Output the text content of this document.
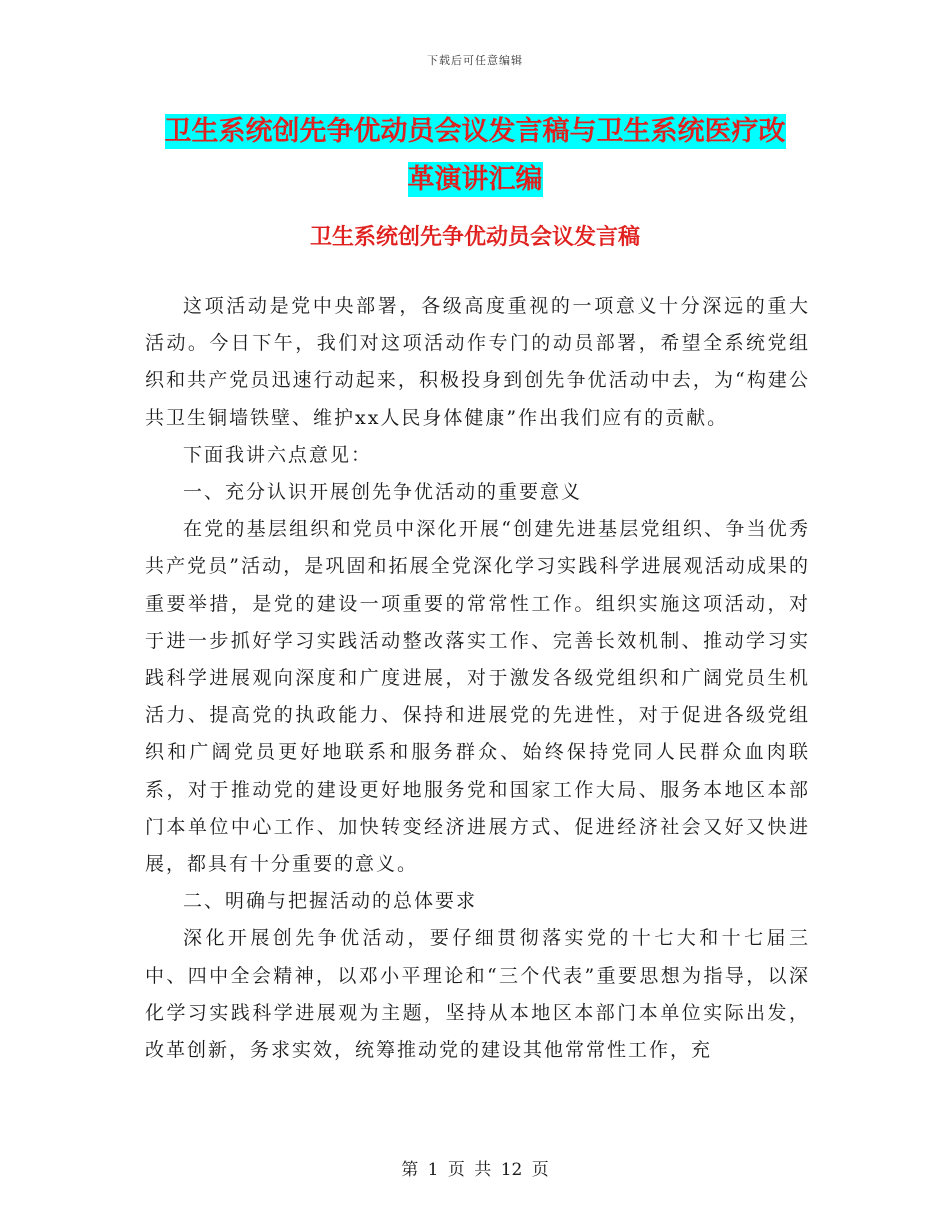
下载后可任意编辑
卫生系统创先争优动员会议发言稿与卫生系统医疗改
革演讲汇编
卫生系统创先争优动员会议发言稿

这项活动是党中央部署，各级高度重视的一项意义十分深远的重大活动。今日下午，我们对这项活动作专门的动员部署，希望全系统党组织和共产党员迅速行动起来，积极投身到创先争优活动中去，为“构建公共卫生铜墙铁壁、维护xx人民身体健康”作出我们应有的贡献。

下面我讲六点意见：

一、充分认识开展创先争优活动的重要意义

在党的基层组织和党员中深化开展“创建先进基层党组织、争当优秀共产党员”活动，是巩固和拓展全党深化学习实践科学进展观活动成果的重要举措，是党的建设一项重要的常常性工作。组织实施这项活动，对于进一步抓好学习实践活动整改落实工作、完善长效机制、推动学习实践科学进展观向深度和广度进展，对于激发各级党组织和广阔党员生机活力、提高党的执政能力、保持和进展党的先进性，对于促进各级党组织和广阔党员更好地联系和服务群众、始终保持党同人民群众血肉联系，对于推动党的建设更好地服务党和国家工作大局、服务本地区本部门本单位中心工作、加快转变经济进展方式、促进经济社会又好又快进展，都具有十分重要的意义。

二、明确与把握活动的总体要求

深化开展创先争优活动，要仔细贯彻落实党的十七大和十七届三中、四中全会精神，以邓小平理论和“三个代表”重要思想为指导，以深化学习实践科学进展观为主题，坚持从本地区本部门本单位实际出发，改革创新，务求实效，统筹推动党的建设其他常常性工作，充

第 1 页 共 12 页
